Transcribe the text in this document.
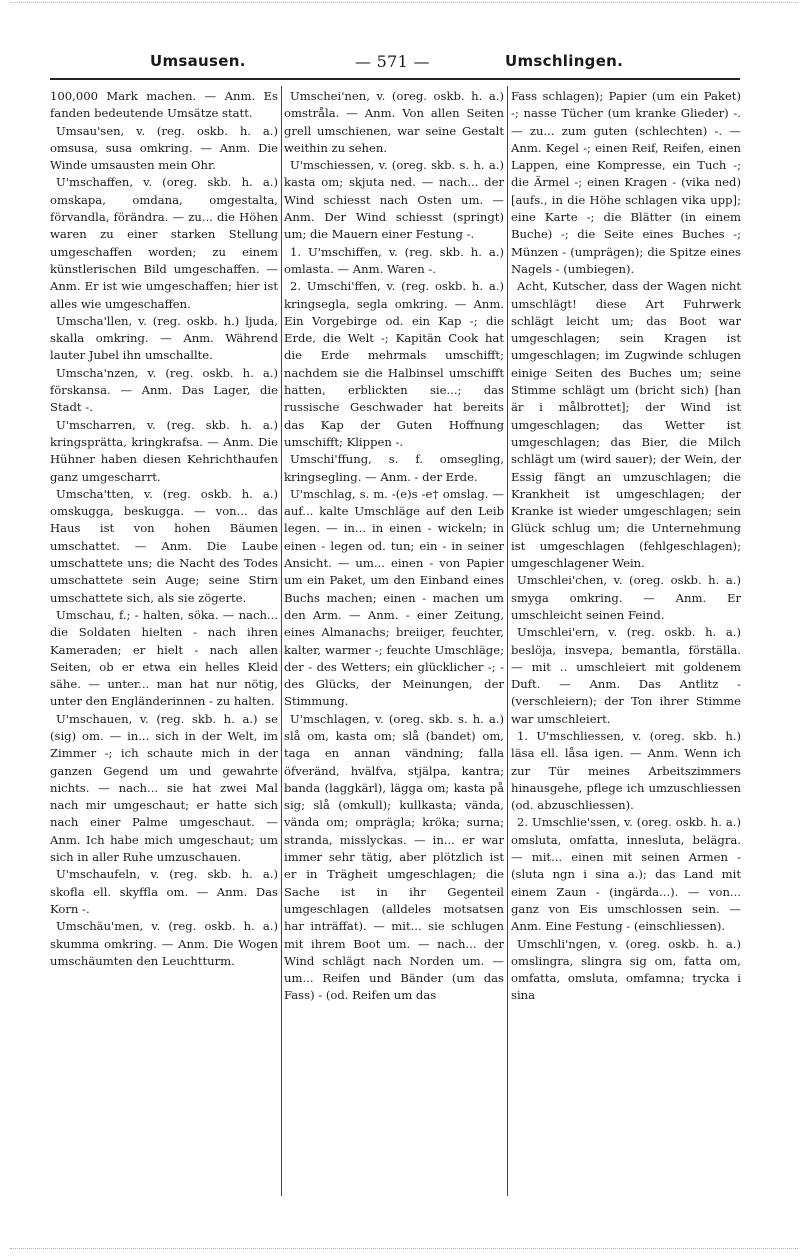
Umsausen.	— 571 —	Umschlingen.

100,000 Mark machen. — Anm. Es fanden bedeutende Umsätze statt.

Umsau'sen, v. (reg. oskb. h. a.) omsusa, susa omkring. — Anm. Die Winde umsausten mein Ohr.

U'mschaffen, v. (oreg. skb. h. a.) omskapa, omdana, omgestalta, förvandla, förändra. — zu... die Höhen waren zu einer starken Stellung umgeschaffen worden; zu einem künstlerischen Bild umgeschaffen. — Anm. Er ist wie umgeschaffen; hier ist alles wie umgeschaffen.

Umscha'llen, v. (reg. oskb. h.) ljuda, skalla omkring. — Anm. Während lauter Jubel ihn umschallte.

Umscha'nzen, v. (reg. oskb. h. a.) förskansa. — Anm. Das Lager, die Stadt -.

U'mscharren, v. (reg. skb. h. a.) kringsprätta, kringkrafsa. — Anm. Die Hühner haben diesen Kehrichthaufen ganz umgescharrt.

Umscha'tten, v. (reg. oskb. h. a.) omskugga, beskugga. — von... das Haus ist von hohen Bäumen umschattet. — Anm. Die Laube umschattete uns; die Nacht des Todes umschattete sein Auge; seine Stirn umschattete sich, als sie zögerte.

Umschau, f.; - halten, söka. — nach... die Soldaten hielten - nach ihren Kameraden; er hielt - nach allen Seiten, ob er etwa ein helles Kleid sähe. — unter... man hat nur nötig, unter den Engländerinnen - zu halten.

U'mschauen, v. (reg. skb. h. a.) se (sig) om. — in... sich in der Welt, im Zimmer -; ich schaute mich in der ganzen Gegend um und gewahrte nichts. — nach... sie hat zwei Mal nach mir umgeschaut; er hatte sich nach einer Palme umgeschaut. — Anm. Ich habe mich umgeschaut; um sich in aller Ruhe umzuschauen.

U'mschaufeln, v. (reg. skb. h. a.) skofla ell. skyffla om. — Anm. Das Korn -.

Umschäu'men, v. (reg. oskb. h. a.) skumma omkring. — Anm. Die Wogen umschäumten den Leuchtturm.

Umschei'nen, v. (oreg. oskb. h. a.) omstråla. — Anm. Von allen Seiten grell umschienen, war seine Gestalt weithin zu sehen.

U'mschiessen, v. (oreg. skb. s. h. a.) kasta om; skjuta ned. — nach... der Wind schiesst nach Osten um. — Anm. Der Wind schiesst (springt) um; die Mauern einer Festung -.

1. U'mschiffen, v. (reg. skb. h. a.) omlasta. — Anm. Waren -.

2. Umschi'ffen, v. (reg. oskb. h. a.) kringsegla, segla omkring. — Anm. Ein Vorgebirge od. ein Kap -; die Erde, die Welt -; Kapitän Cook hat die Erde mehrmals umschifft; nachdem sie die Halbinsel umschifft hatten, erblickten sie...; das russische Geschwader hat bereits das Kap der Guten Hoffnung umschifft; Klippen -.

Umschi'ffung, s. f. omsegling, kringsegling. — Anm. - der Erde.

U'mschlag, s. m. -(e)s -e† omslag. — auf... kalte Umschläge auf den Leib legen. — in... in einen - wickeln; in einen - legen od. tun; ein - in seiner Ansicht. — um... einen - von Papier um ein Paket, um den Einband eines Buchs machen; einen - machen um den Arm. — Anm. - einer Zeitung, eines Almanachs; breiiger, feuchter, kalter, warmer -; feuchte Umschläge; der - des Wetters; ein glücklicher -; - des Glücks, der Meinungen, der Stimmung.

U'mschlagen, v. (oreg. skb. s. h. a.) slå om, kasta om; slå (bandet) om, taga en annan vändning; falla öfveränd, hvälfva, stjälpa, kantra; banda (laggkärl), lägga om; kasta på sig; slå (omkull); kullkasta; vända, vända om; ompräglа; kröka; surna; stranda, misslyckas. — in... er war immer sehr tätig, aber plötzlich ist er in Trägheit umgeschlagen; die Sache ist in ihr Gegenteil umgeschlagen (alldeles motsatsen har inträffat). — mit... sie schlugen mit ihrem Boot um. — nach... der Wind schlägt nach Norden um. — um... Reifen und Bänder (um das Fass) - (od. Reifen um das

Fass schlagen); Papier (um ein Paket) -; nasse Tücher (um kranke Glieder) -. — zu... zum guten (schlechten) -. — Anm. Kegel -; einen Reif, Reifen, einen Lappen, eine Kompresse, ein Tuch -; die Ärmel -; einen Kragen - (vika ned) [aufs., in die Höhe schlagen vika upp]; eine Karte -; die Blätter (in einem Buche) -; die Seite eines Buches -; Münzen - (umprägen); die Spitze eines Nagels - (umbiegen).

Acht, Kutscher, dass der Wagen nicht umschlägt! diese Art Fuhrwerk schlägt leicht um; das Boot war umgeschlagen; sein Kragen ist umgeschlagen; im Zugwinde schlugen einige Seiten des Buches um; seine Stimme schlägt um (bricht sich) [han är i målbrottet]; der Wind ist umgeschlagen; das Wetter ist umgeschlagen; das Bier, die Milch schlägt um (wird sauer); der Wein, der Essig fängt an umzuschlagen; die Krankheit ist umgeschlagen; der Kranke ist wieder umgeschlagen; sein Glück schlug um; die Unternehmung ist umgeschlagen (fehlgeschlagen); umgeschlagener Wein.

Umschlei'chen, v. (oreg. oskb. h. a.) smyga omkring. — Anm. Er umschleicht seinen Feind.

Umschlei'ern, v. (reg. oskb. h. a.) beslöja, insvepa, bemantla, förställa. — mit .. umschleiert mit goldenem Duft. — Anm. Das Antlitz - (verschleiern); der Ton ihrer Stimme war umschleiert.

1. U'mschliessen, v. (oreg. skb. h.) läsa ell. låsa igen. — Anm. Wenn ich zur Tür meines Arbeitszimmers hinausgehe, pflege ich umzuschliessen (od. abzuschliessen).

2. Umschlie'ssen, v. (oreg. oskb. h. a.) omsluta, omfatta, innesluta, belägra. — mit... einen mit seinen Armen - (sluta ngn i sina a.); das Land mit einem Zaun - (ingärda...). — von... ganz von Eis umschlossen sein. — Anm. Eine Festung - (einschliessen).

Umschli'ngen, v. (oreg. oskb. h. a.) omslingra, slingra sig om, fatta om, omfatta, omsluta, omfamna; trycka i sina
